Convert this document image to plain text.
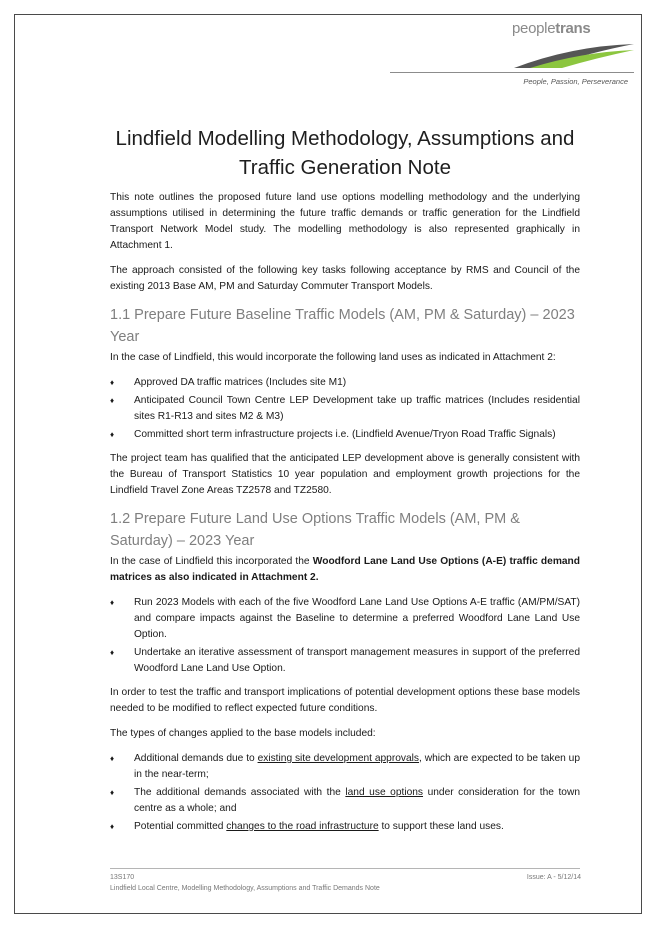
peopletrans
People, Passion, Perseverance
Lindfield Modelling Methodology, Assumptions and Traffic Generation Note

This note outlines the proposed future land use options modelling methodology and the underlying assumptions utilised in determining the future traffic demands or traffic generation for the Lindfield Transport Network Model study. The modelling methodology is also represented graphically in Attachment 1.

The approach consisted of the following key tasks following acceptance by RMS and Council of the existing 2013 Base AM, PM and Saturday Commuter Transport Models.

1.1 Prepare Future Baseline Traffic Models (AM, PM & Saturday) – 2023 Year

In the case of Lindfield, this would incorporate the following land uses as indicated in Attachment 2:

♦ Approved DA traffic matrices (Includes site M1)
♦ Anticipated Council Town Centre LEP Development take up traffic matrices (Includes residential sites R1-R13 and sites M2 & M3)
♦ Committed short term infrastructure projects i.e. (Lindfield Avenue/Tryon Road Traffic Signals)

The project team has qualified that the anticipated LEP development above is generally consistent with the Bureau of Transport Statistics 10 year population and employment growth projections for the Lindfield Travel Zone Areas TZ2578 and TZ2580.

1.2 Prepare Future Land Use Options Traffic Models (AM, PM & Saturday) – 2023 Year

In the case of Lindfield this incorporated the Woodford Lane Land Use Options (A-E) traffic demand matrices as also indicated in Attachment 2.

♦ Run 2023 Models with each of the five Woodford Lane Land Use Options A-E traffic (AM/PM/SAT) and compare impacts against the Baseline to determine a preferred Woodford Lane Land Use Option.
♦ Undertake an iterative assessment of transport management measures in support of the preferred Woodford Lane Land Use Option.

In order to test the traffic and transport implications of potential development options these base models needed to be modified to reflect expected future conditions.

The types of changes applied to the base models included:

♦ Additional demands due to existing site development approvals, which are expected to be taken up in the near-term;
♦ The additional demands associated with the land use options under consideration for the town centre as a whole; and
♦ Potential committed changes to the road infrastructure to support these land uses.
13S170
Lindfield Local Centre, Modelling Methodology, Assumptions and Traffic Demands Note
Issue: A - 5/12/14
